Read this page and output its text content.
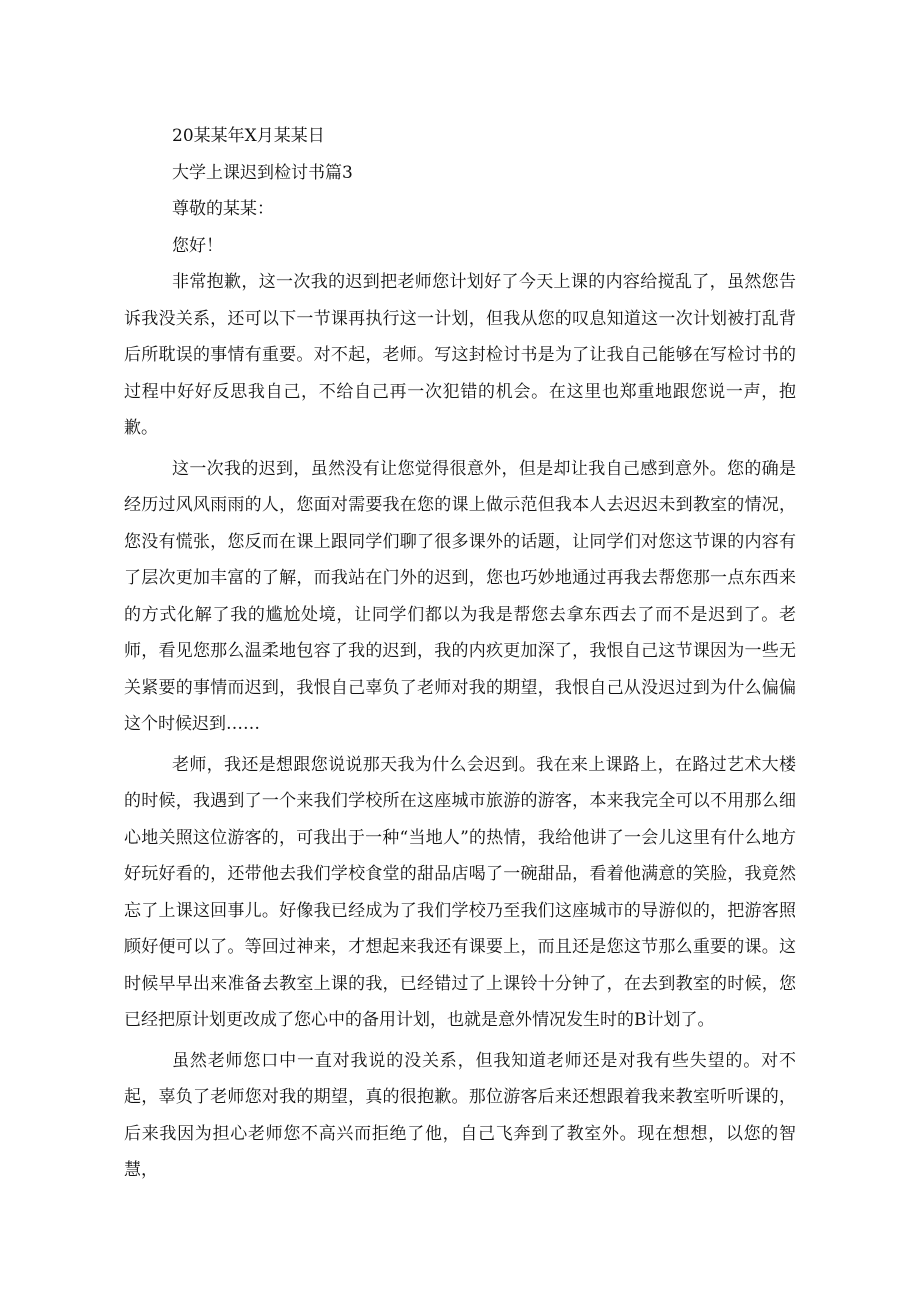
20某某年X月某某日

大学上课迟到检讨书篇3

尊敬的某某：

您好！

非常抱歉，这一次我的迟到把老师您计划好了今天上课的内容给搅乱了，虽然您告诉我没关系，还可以下一节课再执行这一计划，但我从您的叹息知道这一次计划被打乱背后所耽误的事情有重要。对不起，老师。写这封检讨书是为了让我自己能够在写检讨书的过程中好好反思我自己，不给自己再一次犯错的机会。在这里也郑重地跟您说一声，抱歉。

这一次我的迟到，虽然没有让您觉得很意外，但是却让我自己感到意外。您的确是经历过风风雨雨的人，您面对需要我在您的课上做示范但我本人去迟迟未到教室的情况，您没有慌张，您反而在课上跟同学们聊了很多课外的话题，让同学们对您这节课的内容有了层次更加丰富的了解，而我站在门外的迟到，您也巧妙地通过再我去帮您那一点东西来的方式化解了我的尴尬处境，让同学们都以为我是帮您去拿东西去了而不是迟到了。老师，看见您那么温柔地包容了我的迟到，我的内疚更加深了，我恨自己这节课因为一些无关紧要的事情而迟到，我恨自己辜负了老师对我的期望，我恨自己从没迟过到为什么偏偏这个时候迟到……

老师，我还是想跟您说说那天我为什么会迟到。我在来上课路上，在路过艺术大楼的时候，我遇到了一个来我们学校所在这座城市旅游的游客，本来我完全可以不用那么细心地关照这位游客的，可我出于一种“当地人”的热情，我给他讲了一会儿这里有什么地方好玩好看的，还带他去我们学校食堂的甜品店喝了一碗甜品，看着他满意的笑脸，我竟然忘了上课这回事儿。好像我已经成为了我们学校乃至我们这座城市的导游似的，把游客照顾好便可以了。等回过神来，才想起来我还有课要上，而且还是您这节那么重要的课。这时候早早出来准备去教室上课的我，已经错过了上课铃十分钟了，在去到教室的时候，您已经把原计划更改成了您心中的备用计划，也就是意外情况发生时的B计划了。

虽然老师您口中一直对我说的没关系，但我知道老师还是对我有些失望的。对不起，辜负了老师您对我的期望，真的很抱歉。那位游客后来还想跟着我来教室听听课的，后来我因为担心老师您不高兴而拒绝了他，自己飞奔到了教室外。现在想想，以您的智慧，
